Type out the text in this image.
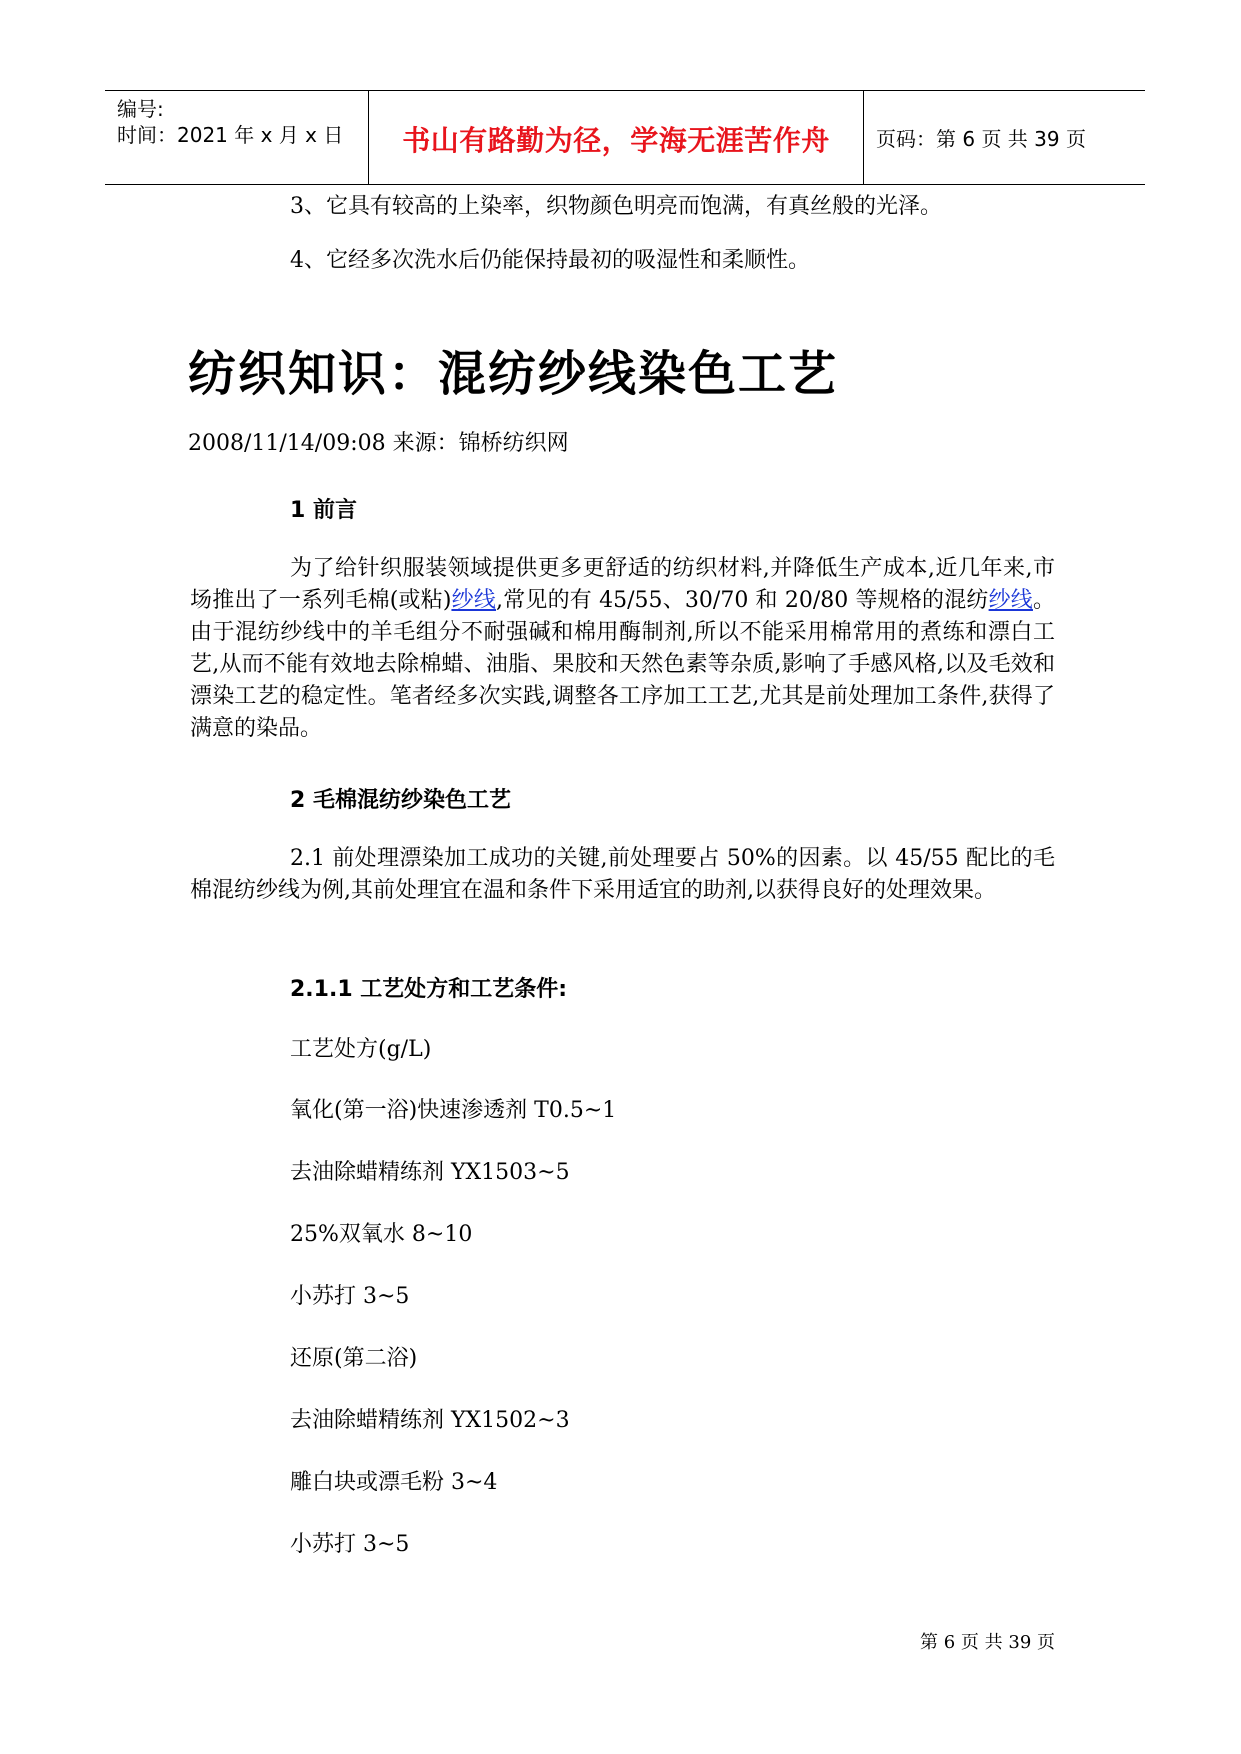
编号:
时间：2021 年 x 月 x 日	书山有路勤为径，学海无涯苦作舟	页码：第 6 页 共 39 页
3、它具有较高的上染率，织物颜色明亮而饱满，有真丝般的光泽。
4、它经多次洗水后仍能保持最初的吸湿性和柔顺性。
纺织知识：混纺纱线染色工艺
2008/11/14/09:08 来源：锦桥纺织网
1 前言
为了给针织服装领域提供更多更舒适的纺织材料,并降低生产成本,近几年来,市场推出了一系列毛棉(或粘)纱线,常见的有 45/55、30/70 和 20/80 等规格的混纺纱线。由于混纺纱线中的羊毛组分不耐强碱和棉用酶制剂,所以不能采用棉常用的煮练和漂白工艺,从而不能有效地去除棉蜡、油脂、果胶和天然色素等杂质,影响了手感风格,以及毛效和漂染工艺的稳定性。笔者经多次实践,调整各工序加工工艺,尤其是前处理加工条件,获得了满意的染品。
2 毛棉混纺纱染色工艺
2.1 前处理漂染加工成功的关键,前处理要占 50%的因素。以 45/55 配比的毛棉混纺纱线为例,其前处理宜在温和条件下采用适宜的助剂,以获得良好的处理效果。
2.1.1 工艺处方和工艺条件:
工艺处方(g/L)
氧化(第一浴)快速渗透剂 T0.5~1
去油除蜡精练剂 YX1503~5
25%双氧水 8~10
小苏打 3~5
还原(第二浴)
去油除蜡精练剂 YX1502~3
雕白块或漂毛粉 3~4
小苏打 3~5
第 6 页 共 39 页
